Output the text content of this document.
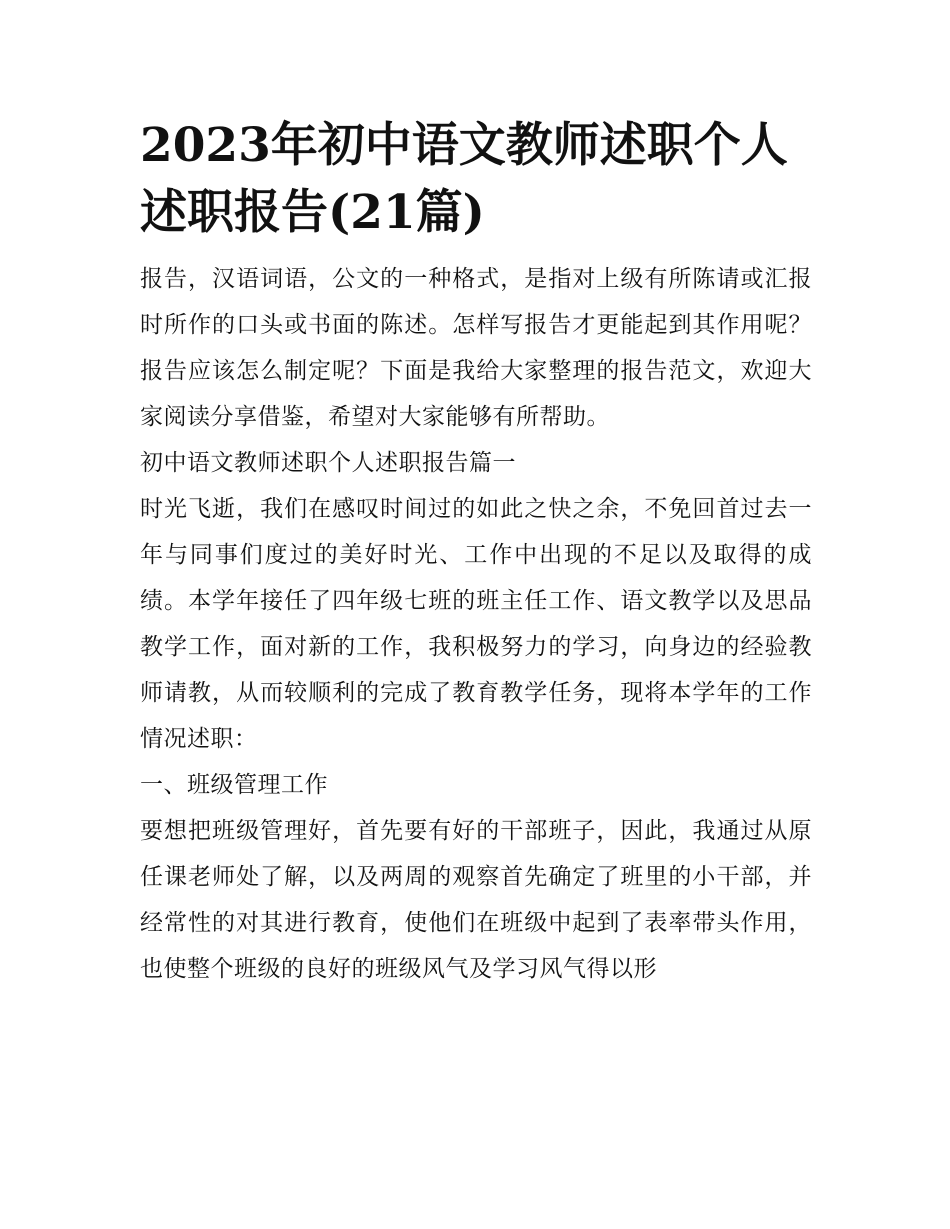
2023年初中语文教师述职个人述职报告(21篇)

报告，汉语词语，公文的一种格式，是指对上级有所陈请或汇报时所作的口头或书面的陈述。怎样写报告才更能起到其作用呢？报告应该怎么制定呢？下面是我给大家整理的报告范文，欢迎大家阅读分享借鉴，希望对大家能够有所帮助。

初中语文教师述职个人述职报告篇一

时光飞逝，我们在感叹时间过的如此之快之余，不免回首过去一年与同事们度过的美好时光、工作中出现的不足以及取得的成绩。本学年接任了四年级七班的班主任工作、语文教学以及思品教学工作，面对新的工作，我积极努力的学习，向身边的经验教师请教，从而较顺利的完成了教育教学任务，现将本学年的工作情况述职：

一、班级管理工作

要想把班级管理好，首先要有好的干部班子，因此，我通过从原任课老师处了解，以及两周的观察首先确定了班里的小干部，并经常性的对其进行教育，使他们在班级中起到了表率带头作用，也使整个班级的良好的班级风气及学习风气得以形
